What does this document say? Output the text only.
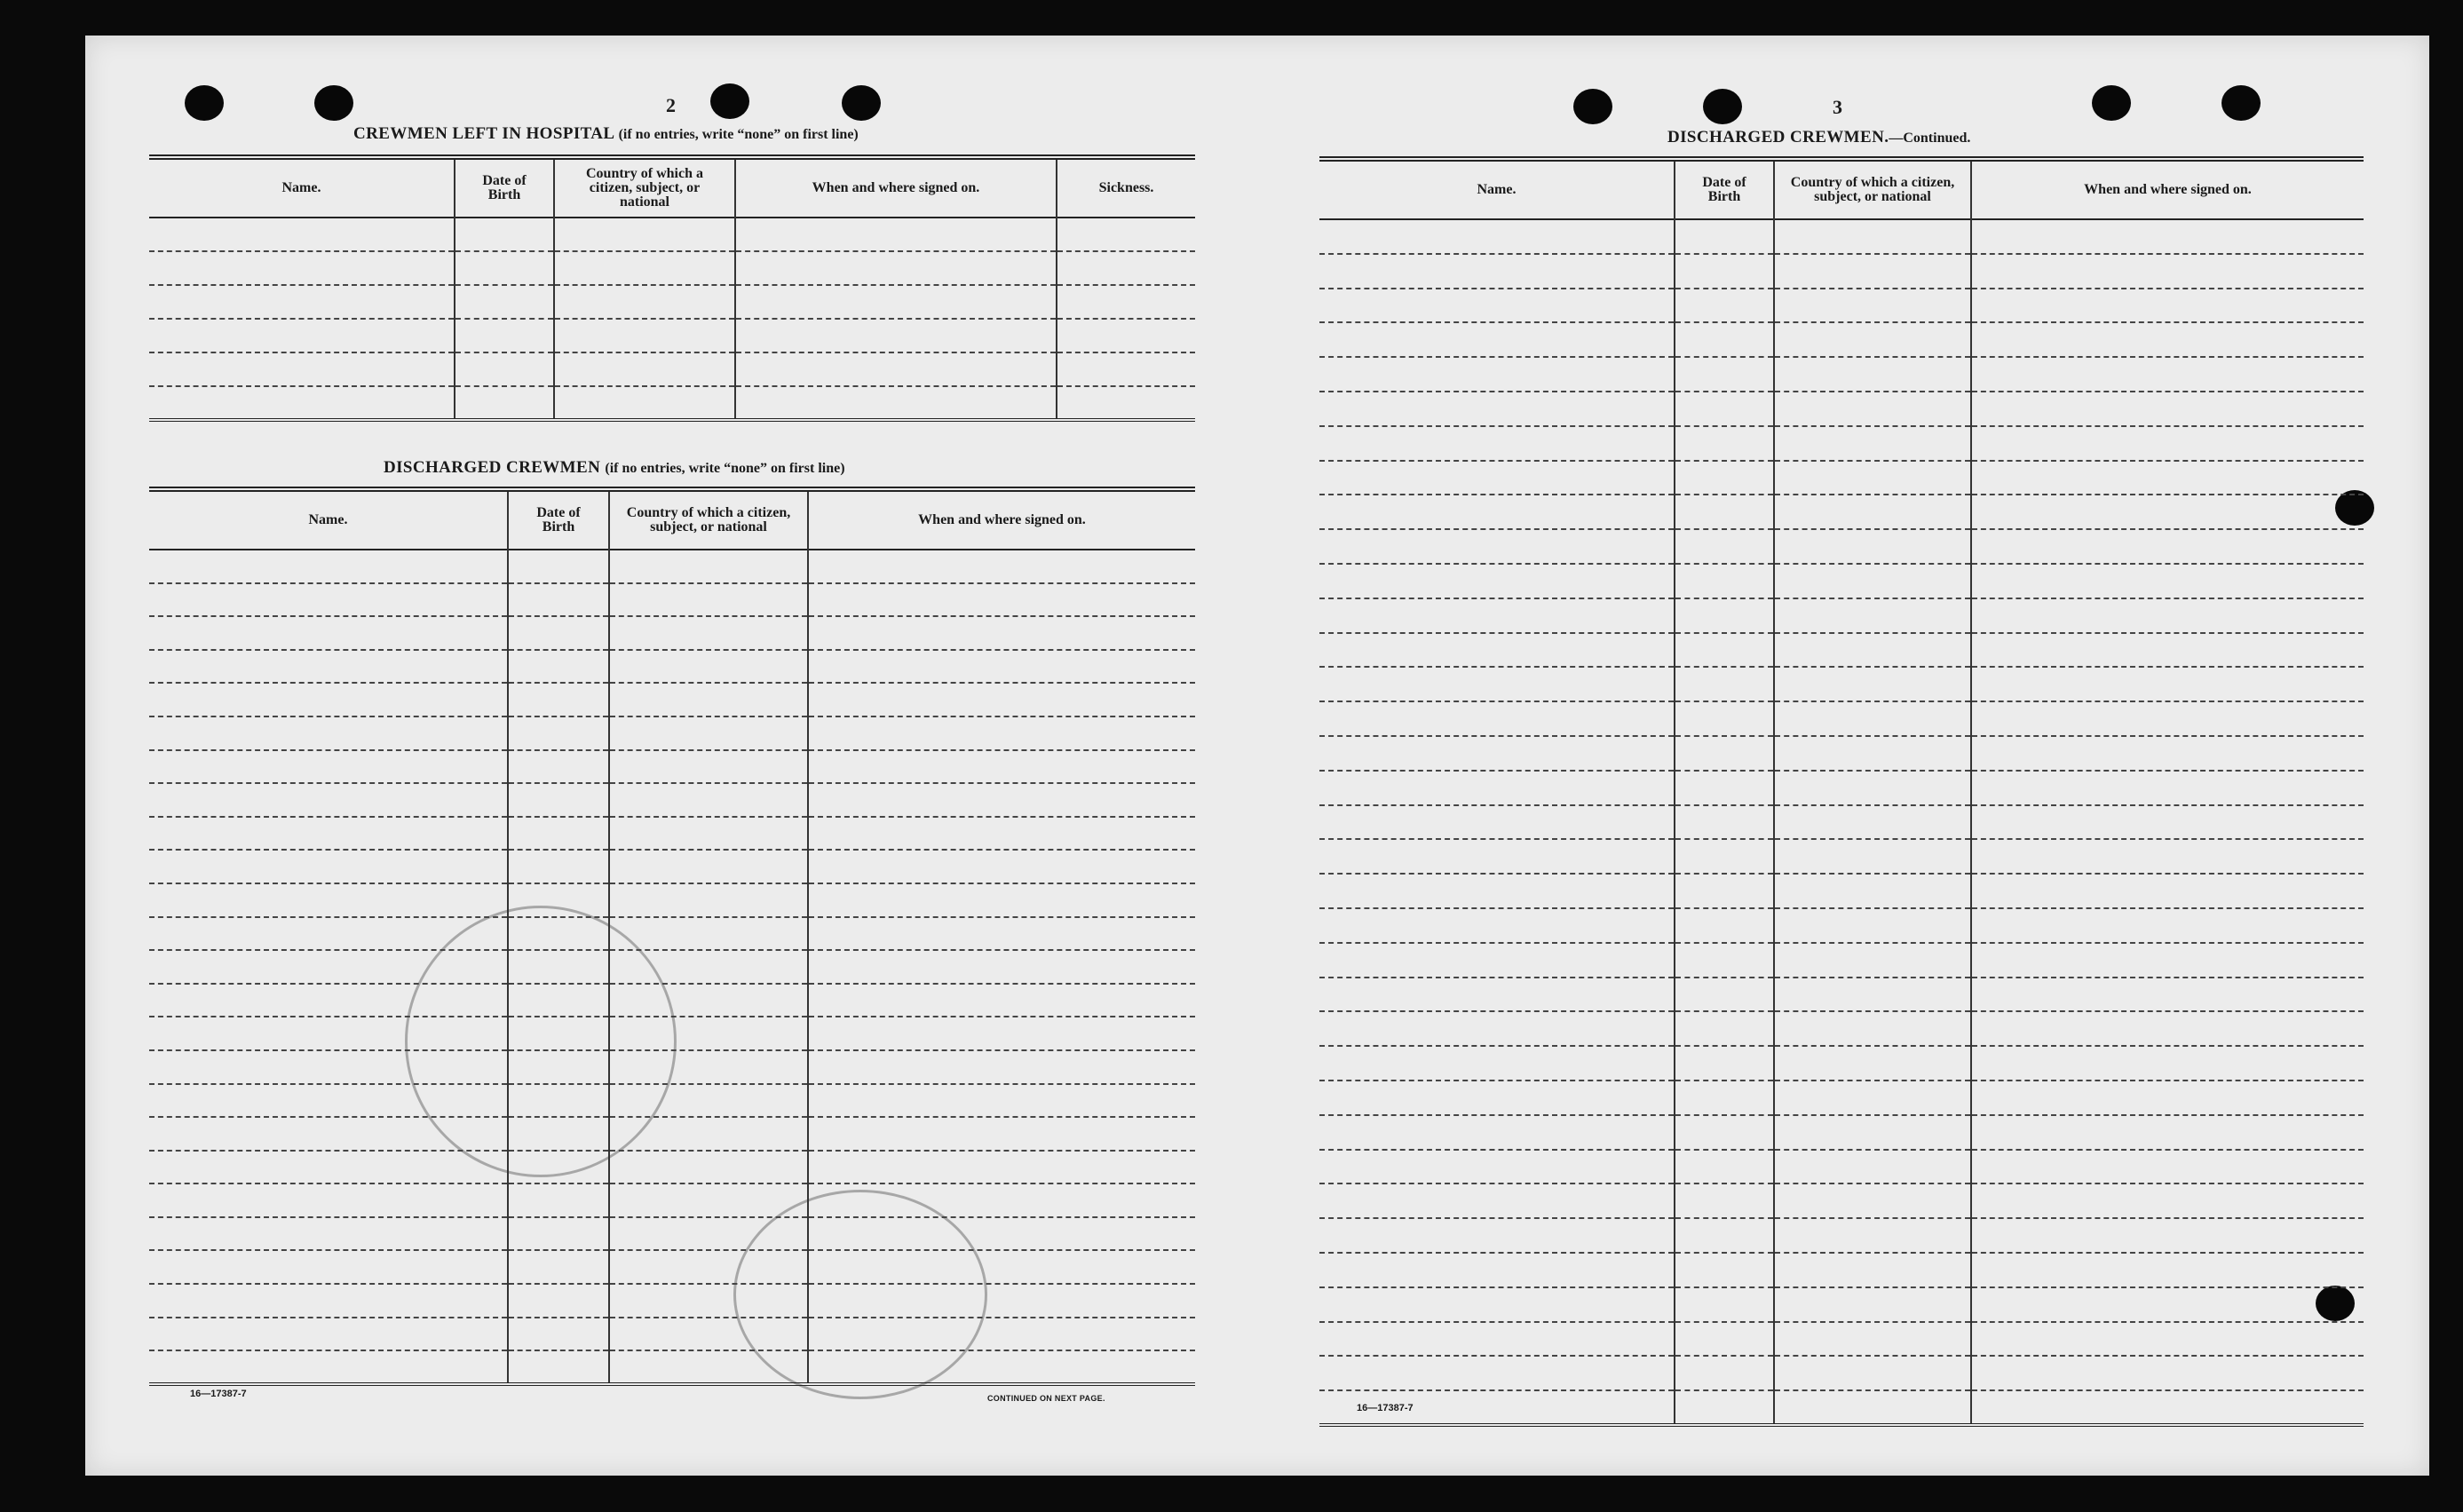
2
CREWMEN LEFT IN HOSPITAL (if no entries, write “none” on first line)
Name.	Date of Birth	Country of which a citizen, subject, or national	When and where signed on.	Sickness.

DISCHARGED CREWMEN (if no entries, write “none” on first line)
Name.	Date of Birth	Country of which a citizen, subject, or national	When and where signed on.

16—17387-7	CONTINUED ON NEXT PAGE.
3
DISCHARGED CREWMEN.—Continued.
Name.	Date of Birth	Country of which a citizen, subject, or national	When and where signed on.

16—17387-7
